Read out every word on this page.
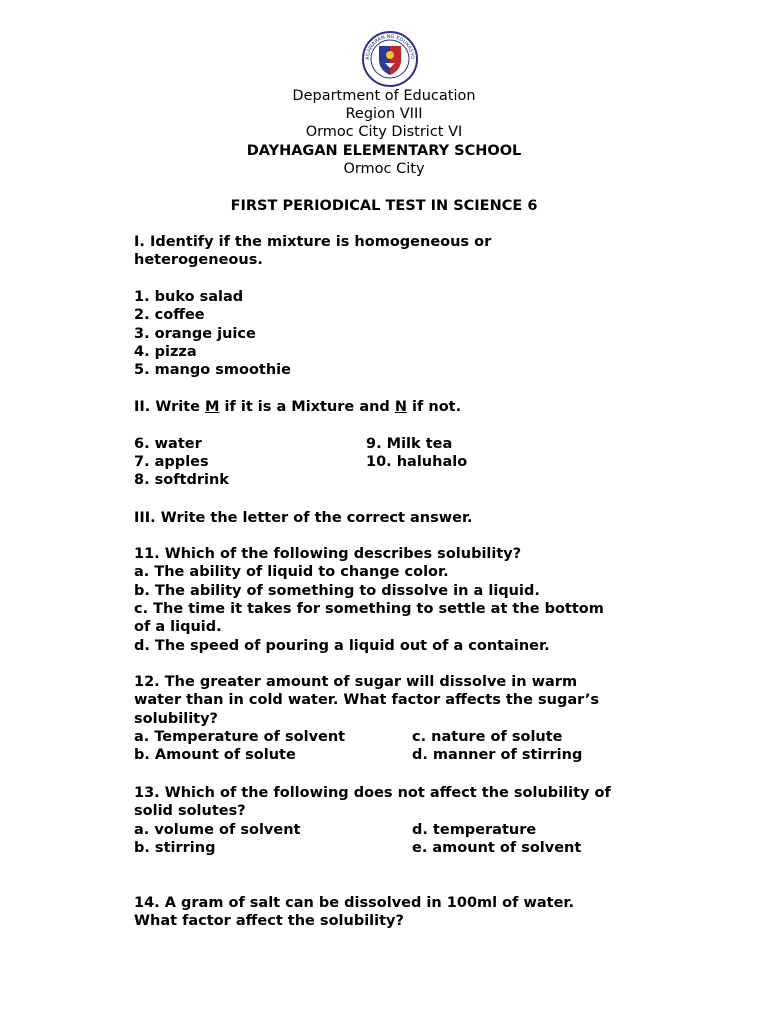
AGAWARAN NG EDUKASYO
Department of Education
Region VIII
Ormoc City District VI
DAYHAGAN ELEMENTARY SCHOOL
Ormoc City
FIRST PERIODICAL TEST IN SCIENCE 6
I. Identify if the mixture is homogeneous or
heterogeneous.
1. buko salad
2. coffee
3. orange juice
4. pizza
5. mango smoothie
II. Write M if it is a Mixture and N if not.
6. water
7. apples
8. softdrink
9. Milk tea
10. haluhalo
III. Write the letter of the correct answer.
11. Which of the following describes solubility?
a. The ability of liquid to change color.
b. The ability of something to dissolve in a liquid.
c. The time it takes for something to settle at the bottom
of a liquid.
d. The speed of pouring a liquid out of a container.
12. The greater amount of sugar will dissolve in warm
water than in cold water. What factor affects the sugar’s
solubility?
a. Temperature of solvent	c. nature of solute
b. Amount of solute	d. manner of stirring
13. Which of the following does not affect the solubility of
solid solutes?
a. volume of solvent	d. temperature
b. stirring	e. amount of solvent
14. A gram of salt can be dissolved in 100ml of water.
What factor affect the solubility?
